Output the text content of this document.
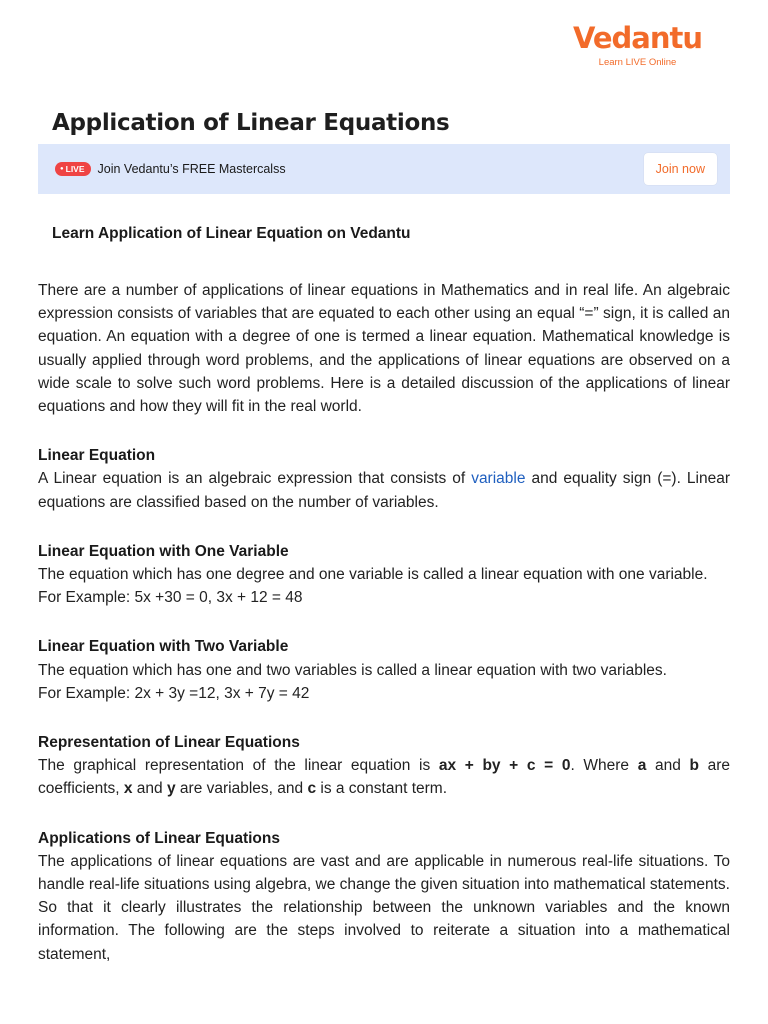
Vedantu
Learn LIVE Online
Application of Linear Equations
● LIVE Join Vedantu’s FREE Mastercalss	Join now
Learn Application of Linear Equation on Vedantu

There are a number of applications of linear equations in Mathematics and in real life. An algebraic expression consists of variables that are equated to each other using an equal “=” sign, it is called an equation. An equation with a degree of one is termed a linear equation. Mathematical knowledge is usually applied through word problems, and the applications of linear equations are observed on a wide scale to solve such word problems. Here is a detailed discussion of the applications of linear equations and how they will fit in the real world.

Linear Equation

A Linear equation is an algebraic expression that consists of variable and equality sign (=). Linear equations are classified based on the number of variables.

Linear Equation with One Variable

The equation which has one degree and one variable is called a linear equation with one variable.

For Example: 5x +30 = 0, 3x + 12 = 48

Linear Equation with Two Variable

The equation which has one and two variables is called a linear equation with two variables.

For Example: 2x + 3y =12, 3x + 7y = 42

Representation of Linear Equations

The graphical representation of the linear equation is ax + by + c = 0. Where a and b are coefficients, x and y are variables, and c is a constant term.

Applications of Linear Equations

The applications of linear equations are vast and are applicable in numerous real-life situations. To handle real-life situations using algebra, we change the given situation into mathematical statements. So that it clearly illustrates the relationship between the unknown variables and the known information. The following are the steps involved to reiterate a situation into a mathematical statement,
